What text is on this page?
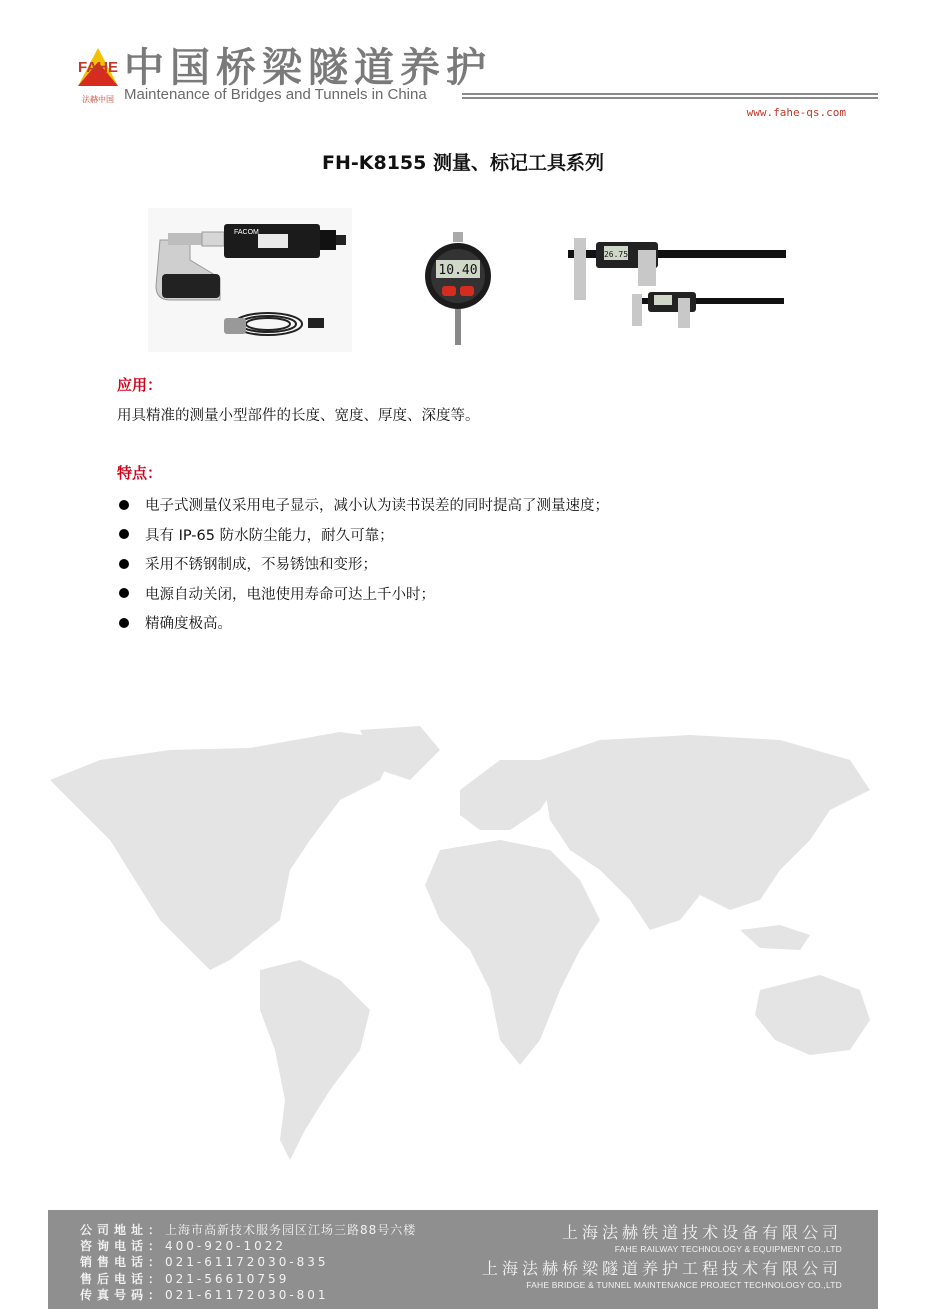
FAHE
法赫中国
中国桥梁隧道养护
Maintenance of Bridges and Tunnels in China
www.fahe-qs.com
FH-K8155 测量、标记工具系列
FACOM
10.40
26.75
应用：
用具精准的测量小型部件的长度、宽度、厚度、深度等。
特点：
电子式测量仪采用电子显示，减小认为读书误差的同时提高了测量速度；
具有 IP-65 防水防尘能力，耐久可靠；
采用不锈钢制成，不易锈蚀和变形；
电源自动关闭，电池使用寿命可达上千小时；
精确度极高。
公司地址：上海市高新技术服务园区江场三路88号六楼
咨询电话：400-920-1022
销售电话：021-61172030-835
售后电话：021-56610759
传真号码：021-61172030-801
上海法赫铁道技术设备有限公司
FAHE RAILWAY TECHNOLOGY & EQUIPMENT CO.,LTD
上海法赫桥梁隧道养护工程技术有限公司
FAHE BRIDGE & TUNNEL MAINTENANCE PROJECT TECHNOLOGY CO.,LTD
